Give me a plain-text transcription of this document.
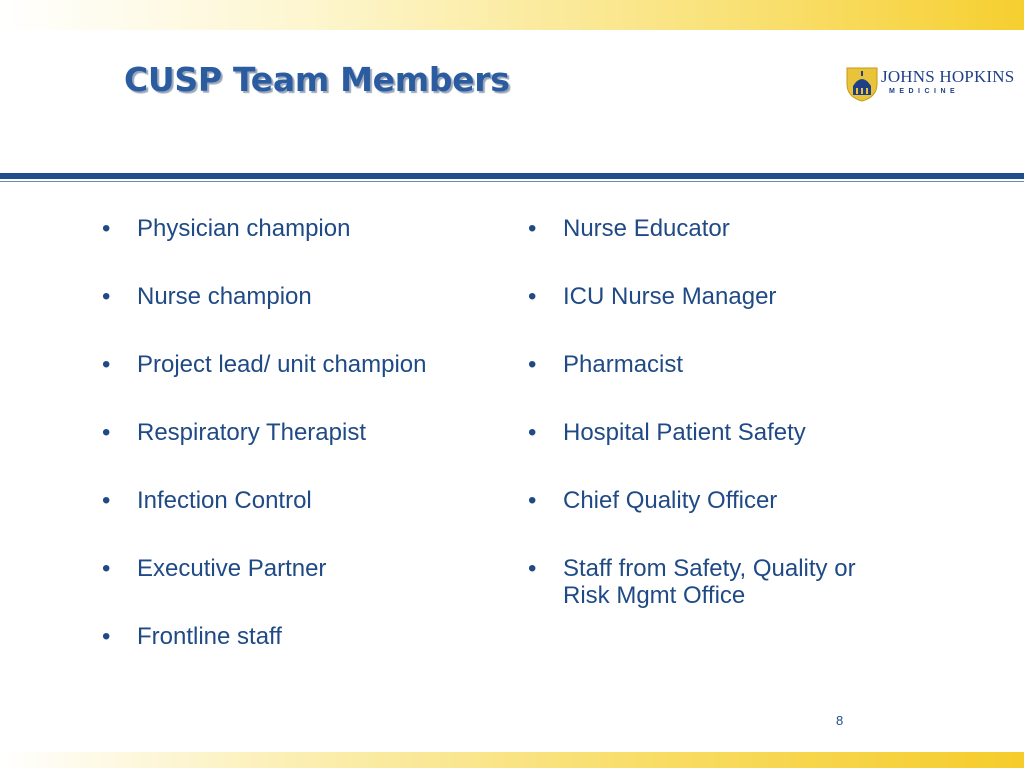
CUSP Team Members	JOHNS HOPKINS
MEDICINE
• Physician champion
• Nurse champion
• Project lead/ unit champion
• Respiratory Therapist
• Infection Control
• Executive Partner
• Frontline staff
• Nurse Educator
• ICU Nurse Manager
• Pharmacist
• Hospital Patient Safety
• Chief Quality Officer
• Staff from Safety, Quality or Risk Mgmt Office
8
